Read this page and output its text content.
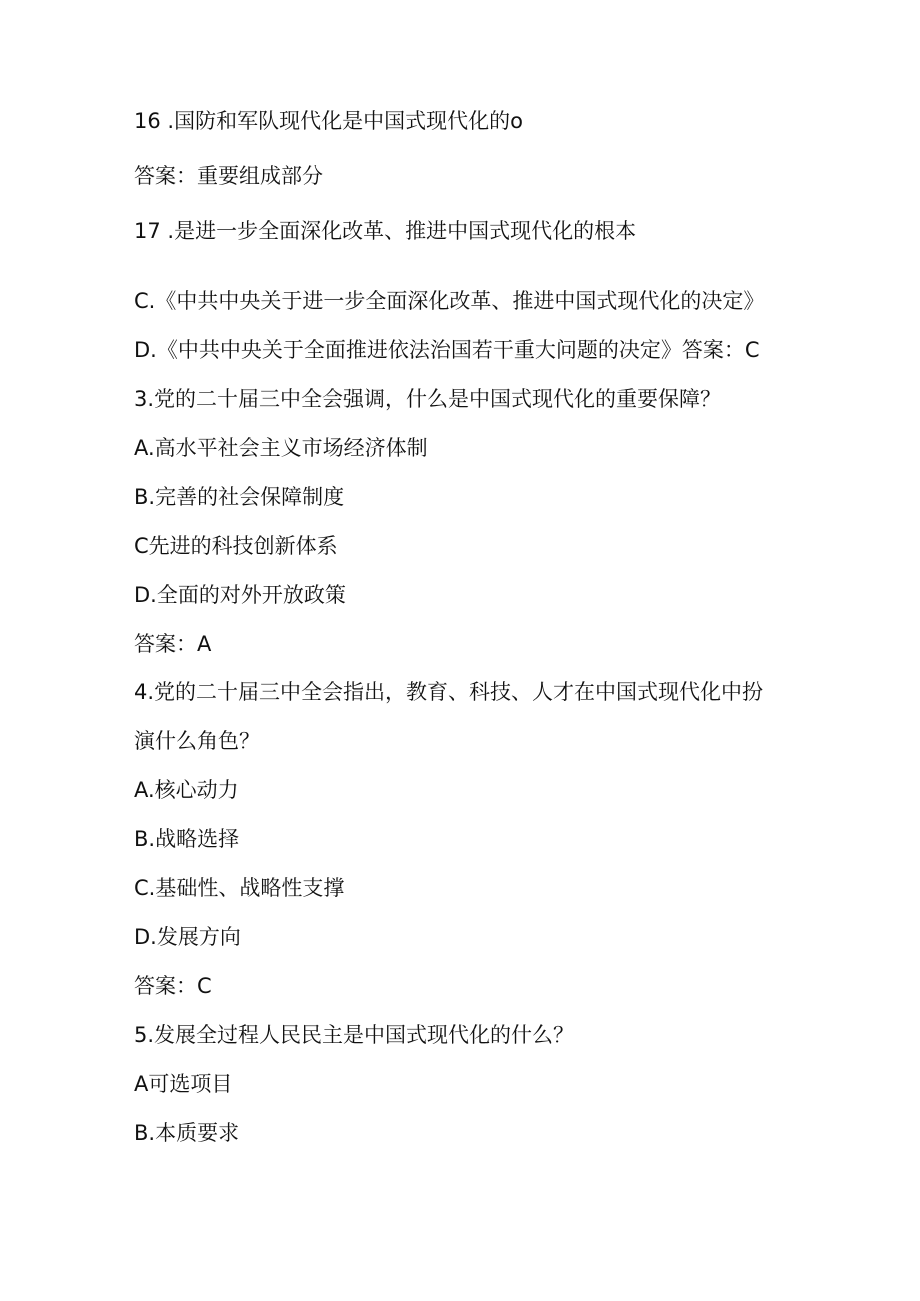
16 .国防和军队现代化是中国式现代化的o
答案：重要组成部分
17 .是进一步全面深化改革、推进中国式现代化的根本
C.《中共中央关于进一步全面深化改革、推进中国式现代化的决定》
D.《中共中央关于全面推进依法治国若干重大问题的决定》答案：C
3.党的二十届三中全会强调，什么是中国式现代化的重要保障？
A.高水平社会主义市场经济体制
B.完善的社会保障制度
C先进的科技创新体系
D.全面的对外开放政策
答案：A
4.党的二十届三中全会指出，教育、科技、人才在中国式现代化中扮
演什么角色？
A.核心动力
B.战略选择
C.基础性、战略性支撑
D.发展方向
答案：C
5.发展全过程人民民主是中国式现代化的什么？
A可选项目
B.本质要求
